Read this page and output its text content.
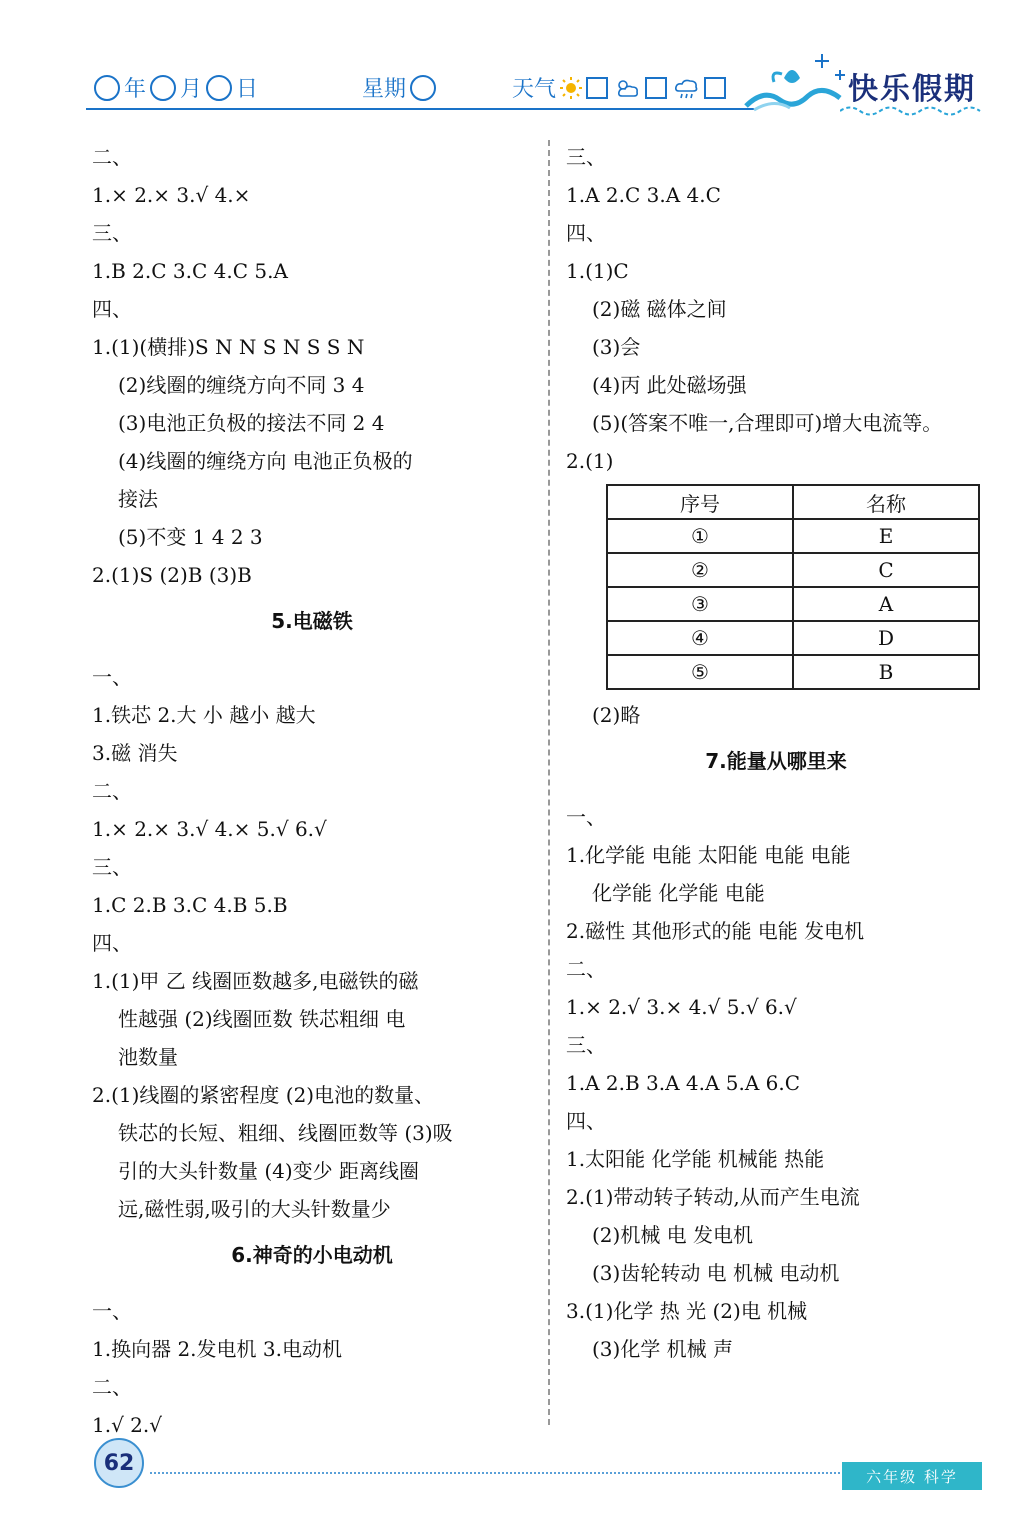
年 月 日	星期	天气	快乐假期
二、
1.× 2.× 3.√ 4.×
三、
1.B 2.C 3.C 4.C 5.A
四、
1.(1)(横排)S N N S N S S N
(2)线圈的缠绕方向不同 3 4
(3)电池正负极的接法不同 2 4
(4)线圈的缠绕方向 电池正负极的
接法
(5)不变 1 4 2 3
2.(1)S (2)B (3)B
5.电磁铁
一、
1.铁芯 2.大 小 越小 越大
3.磁 消失
二、
1.× 2.× 3.√ 4.× 5.√ 6.√
三、
1.C 2.B 3.C 4.B 5.B
四、
1.(1)甲 乙 线圈匝数越多,电磁铁的磁
性越强 (2)线圈匝数 铁芯粗细 电
池数量
2.(1)线圈的紧密程度 (2)电池的数量、
铁芯的长短、粗细、线圈匝数等 (3)吸
引的大头针数量 (4)变少 距离线圈
远,磁性弱,吸引的大头针数量少
6.神奇的小电动机
一、
1.换向器 2.发电机 3.电动机
二、
1.√ 2.√
三、
1.A 2.C 3.A 4.C
四、
1.(1)C
(2)磁 磁体之间
(3)会
(4)丙 此处磁场强
(5)(答案不唯一,合理即可)增大电流等。
2.(1)
序号	名称
①	E
②	C
③	A
④	D
⑤	B
(2)略
7.能量从哪里来
一、
1.化学能 电能 太阳能 电能 电能
化学能 化学能 电能
2.磁性 其他形式的能 电能 发电机
二、
1.× 2.√ 3.× 4.√ 5.√ 6.√
三、
1.A 2.B 3.A 4.A 5.A 6.C
四、
1.太阳能 化学能 机械能 热能
2.(1)带动转子转动,从而产生电流
(2)机械 电 发电机
(3)齿轮转动 电 机械 电动机
3.(1)化学 热 光 (2)电 机械
(3)化学 机械 声
62
六年级 科学
